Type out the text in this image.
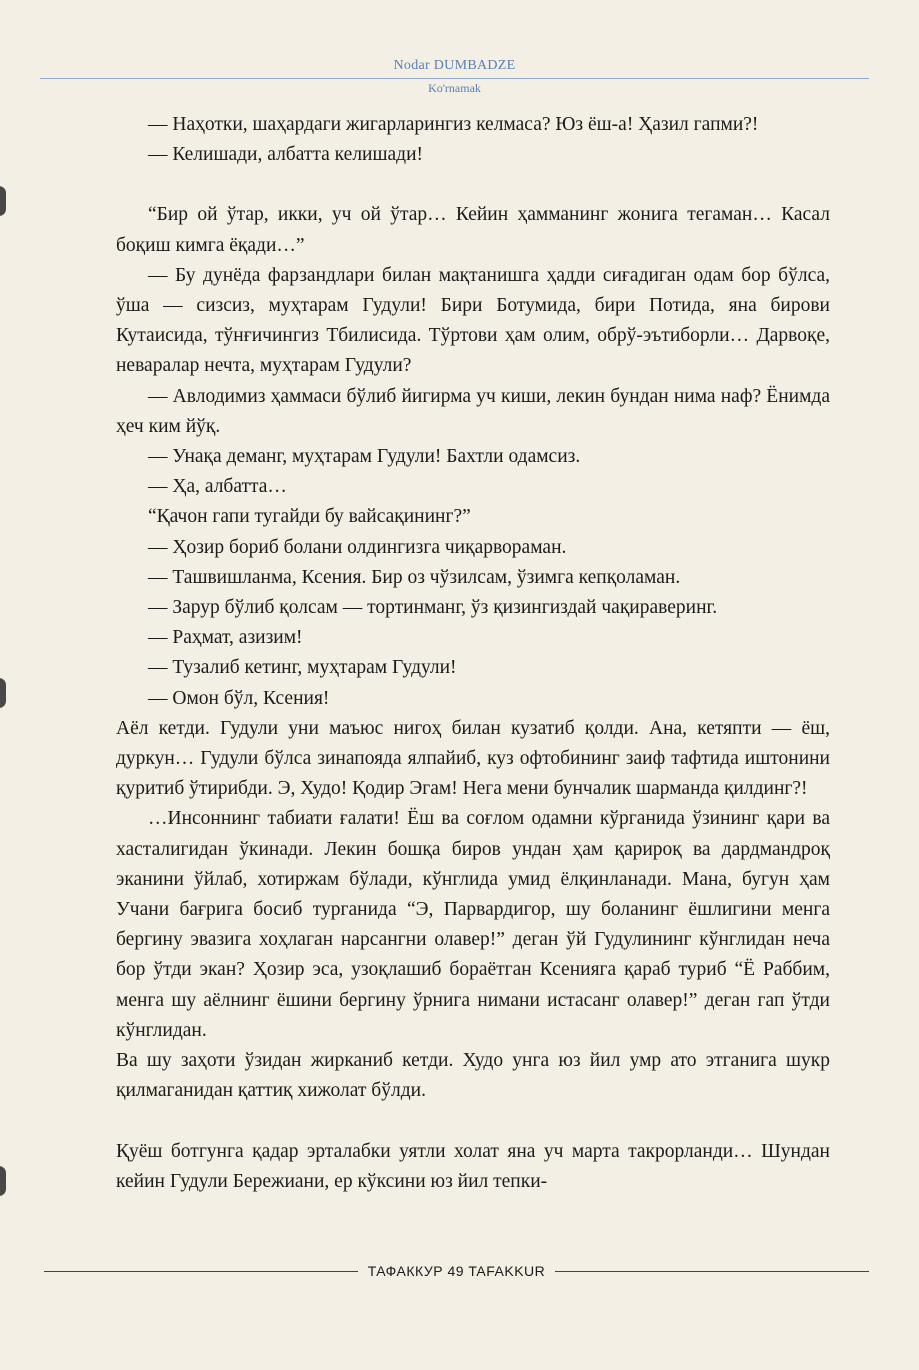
Nodar DUMBADZE
Ko'rnamak

— Наҳотки, шаҳардаги жигарларингиз келмаса? Юз ёш-а! Ҳазил гапми?!

— Келишади, албатта келишади!

“Бир ой ўтар, икки, уч ой ўтар… Кейин ҳамманинг жонига тегаман… Касал боқиш кимга ёқади…”

— Бу дунёда фарзандлари билан мақтанишга ҳадди сиғадиган одам бор бўлса, ўша — сизсиз, муҳтарам Гудули! Бири Ботумида, бири Потида, яна бирови Кутаисида, тўнғичингиз Тбилисида. Тўртови ҳам олим, обрў-эътиборли… Дарвоқе, неваралар нечта, муҳтарам Гудули?

— Авлодимиз ҳаммаси бўлиб йигирма уч киши, лекин бундан нима наф? Ёнимда ҳеч ким йўқ.

— Унақа деманг, муҳтарам Гудули! Бахтли одамсиз.

— Ҳа, албатта…

“Қачон гапи тугайди бу вайсақининг?”

— Ҳозир бориб болани олдингизга чиқарвораман.

— Ташвишланма, Ксения. Бир оз чўзилсам, ўзимга кепқоламан.

— Зарур бўлиб қолсам — тортинманг, ўз қизингиздай чақираверинг.

— Раҳмат, азизим!

— Тузалиб кетинг, муҳтарам Гудули!

— Омон бўл, Ксения!

Аёл кетди. Гудули уни маъюс нигоҳ билан кузатиб қолди. Ана, кетяпти — ёш, дуркун… Гудули бўлса зинапояда ялпайиб, куз офтобининг заиф тафтида иштонини қуритиб ўтирибди. Э, Худо! Қодир Эгам! Нега мени бунчалик шарманда қилдинг?!

…Инсоннинг табиати ғалати! Ёш ва соғлом одамни кўрганида ўзининг қари ва хасталигидан ўкинади. Лекин бошқа биров ундан ҳам қарироқ ва дардмандроқ эканини ўйлаб, хотиржам бўлади, кўнглида умид ёлқинланади. Мана, бугун ҳам Учани бағрига босиб турганида “Э, Парвардигор, шу боланинг ёшлигини менга бергину эвазига хоҳлаган нарсангни олавер!” деган ўй Гудулининг кўнглидан неча бор ўтди экан? Ҳозир эса, узоқлашиб бораётган Ксенияга қараб туриб “Ё Раббим, менга шу аёлнинг ёшини бергину ўрнига нимани истасанг олавер!” деган гап ўтди кўнглидан.

Ва шу заҳоти ўзидан жирканиб кетди. Худо унга юз йил умр ато этганига шукр қилмаганидан қаттиқ хижолат бўлди.

Қуёш ботгунга қадар эрталабки уятли холат яна уч марта такрорланди… Шундан кейин Гудули Бережиани, ер кўксини юз йил тепки-

ТАФАККУР 49 TAFAKKUR
